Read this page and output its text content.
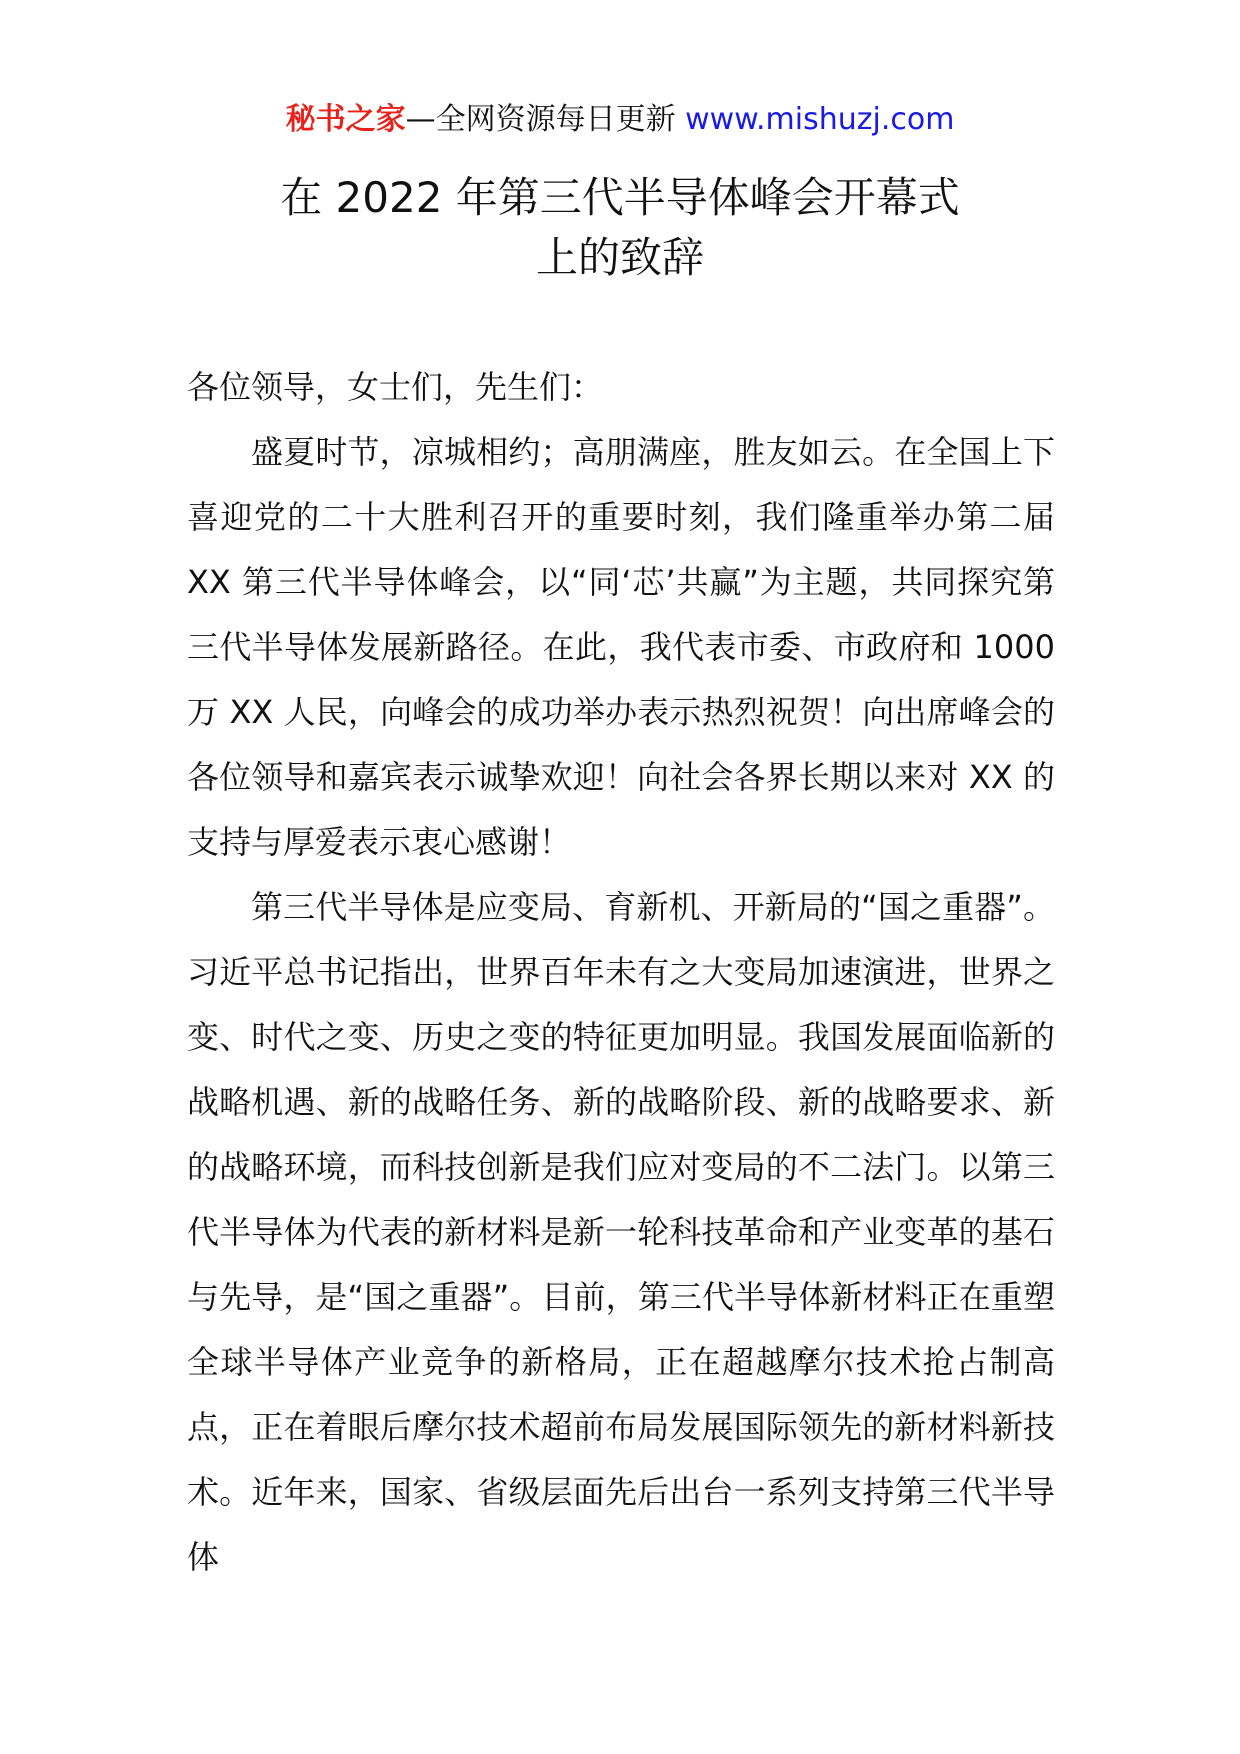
秘书之家—全网资源每日更新 www.mishuzj.com
在 2022 年第三代半导体峰会开幕式
上的致辞

各位领导，女士们，先生们：

盛夏时节，凉城相约；高朋满座，胜友如云。在全国上下喜迎党的二十大胜利召开的重要时刻，我们隆重举办第二届 XX 第三代半导体峰会，以“同‘芯’共赢”为主题，共同探究第三代半导体发展新路径。在此，我代表市委、市政府和 1000 万 XX 人民，向峰会的成功举办表示热烈祝贺！向出席峰会的各位领导和嘉宾表示诚挚欢迎！向社会各界长期以来对 XX 的支持与厚爱表示衷心感谢！

第三代半导体是应变局、育新机、开新局的“国之重器”。习近平总书记指出，世界百年未有之大变局加速演进，世界之变、时代之变、历史之变的特征更加明显。我国发展面临新的战略机遇、新的战略任务、新的战略阶段、新的战略要求、新的战略环境，而科技创新是我们应对变局的不二法门。以第三代半导体为代表的新材料是新一轮科技革命和产业变革的基石与先导，是“国之重器”。目前，第三代半导体新材料正在重塑全球半导体产业竞争的新格局，正在超越摩尔技术抢占制高点，正在着眼后摩尔技术超前布局发展国际领先的新材料新技术。近年来，国家、省级层面先后出台一系列支持第三代半导体
